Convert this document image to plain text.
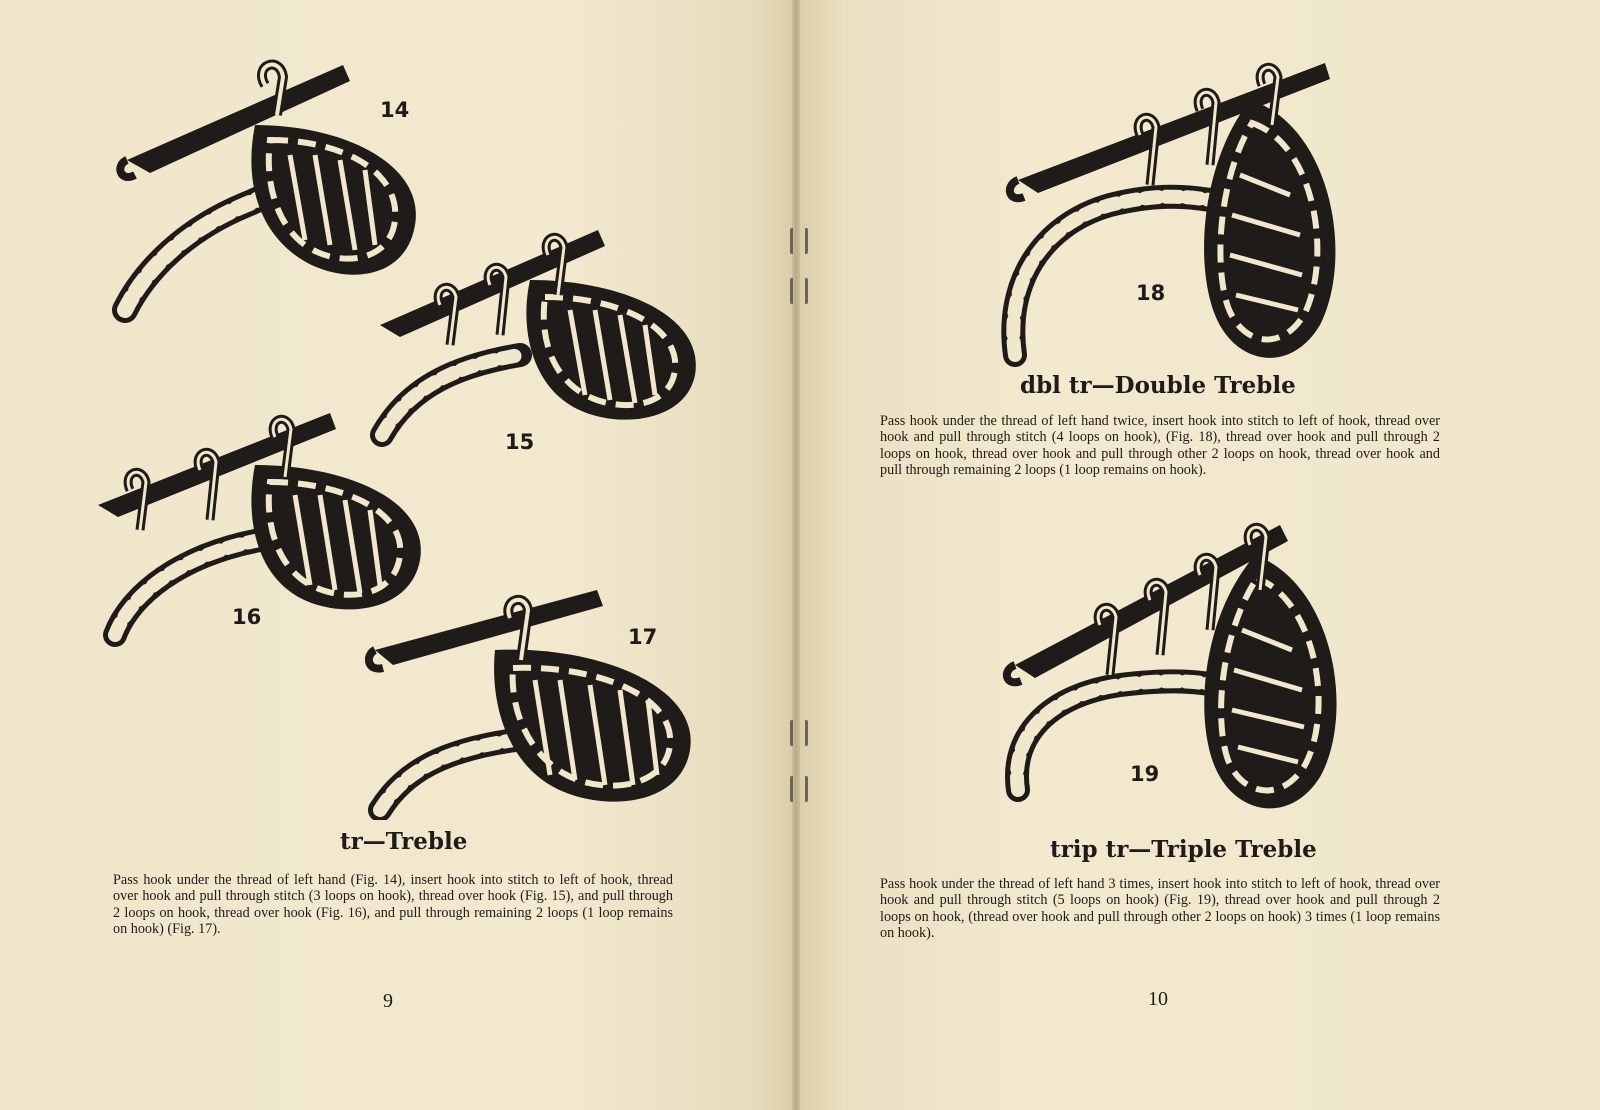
14
15
16
17
tr—Treble
Pass hook under the thread of left hand (Fig. 14), insert hook into stitch to left of hook, thread over hook and pull through stitch (3 loops on hook), thread over hook (Fig. 15), and pull through 2 loops on hook, thread over hook (Fig. 16), and pull through remaining 2 loops (1 loop remains on hook) (Fig. 17).
9
18
dbl tr—Double Treble
Pass hook under the thread of left hand twice, insert hook into stitch to left of hook, thread over hook and pull through stitch (4 loops on hook), (Fig. 18), thread over hook and pull through 2 loops on hook, thread over hook and pull through other 2 loops on hook, thread over hook and pull through remaining 2 loops (1 loop remains on hook).
19
trip tr—Triple Treble
Pass hook under the thread of left hand 3 times, insert hook into stitch to left of hook, thread over hook and pull through stitch (5 loops on hook) (Fig. 19), thread over hook and pull through 2 loops on hook, (thread over hook and pull through other 2 loops on hook) 3 times (1 loop remains on hook).
10
